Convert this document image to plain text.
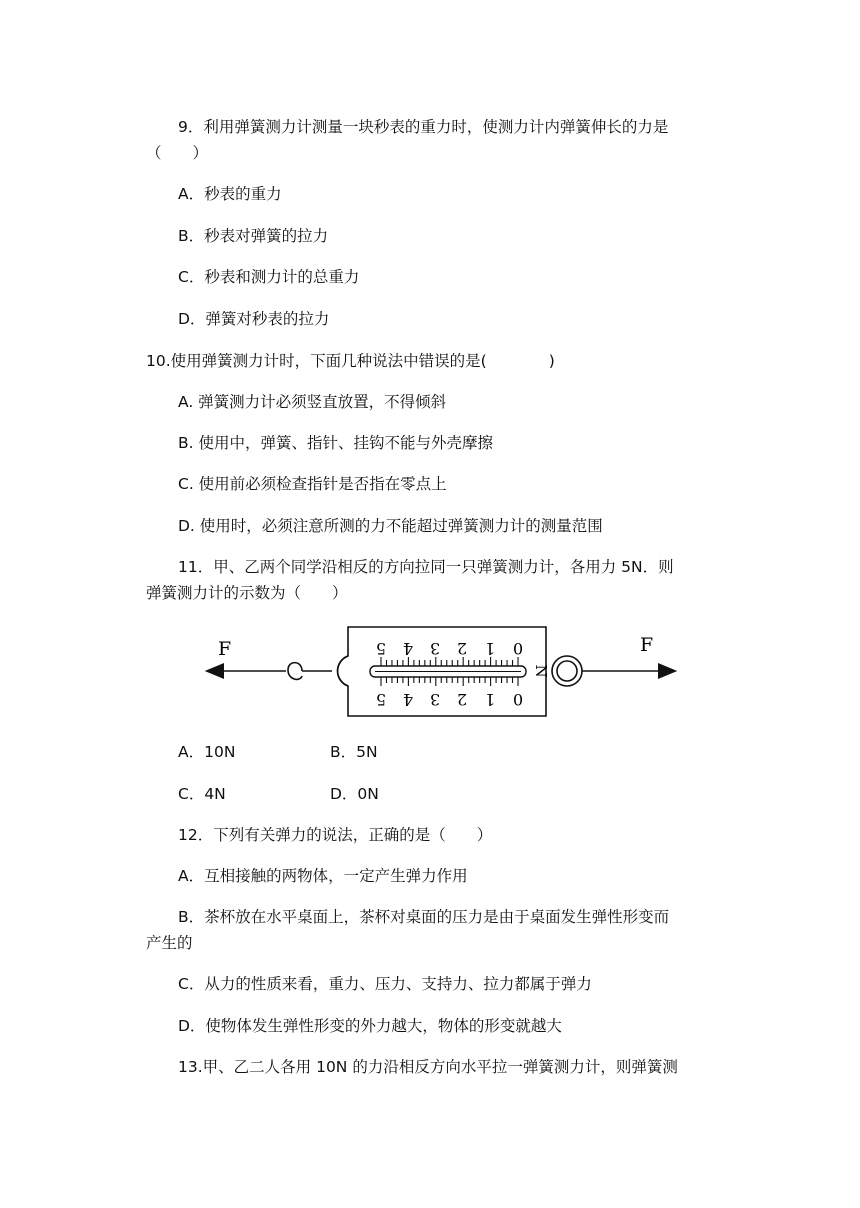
9．利用弹簧测力计测量一块秒表的重力时，使测力计内弹簧伸长的力是
（　　）
A．秒表的重力
B．秒表对弹簧的拉力
C．秒表和测力计的总重力
D．弹簧对秒表的拉力
10.使用弹簧测力计时，下面几种说法中错误的是(　　　　)
A. 弹簧测力计必须竖直放置，不得倾斜
B. 使用中，弹簧、指针、挂钩不能与外壳摩擦
C. 使用前必须检查指针是否指在零点上
D. 使用时，必须注意所测的力不能超过弹簧测力计的测量范围
11．甲、乙两个同学沿相反的方向拉同一只弹簧测力计，各用力 5N．则
弹簧测力计的示数为（　　）
F	5 4 3 2 1 0
5 4 3 2 1 0
N
F
A．10N	B．5N
C．4N	D．0N
12．下列有关弹力的说法，正确的是（　　）
A．互相接触的两物体，一定产生弹力作用
B．茶杯放在水平桌面上，茶杯对桌面的压力是由于桌面发生弹性形变而
产生的
C．从力的性质来看，重力、压力、支持力、拉力都属于弹力
D．使物体发生弹性形变的外力越大，物体的形变就越大
13.甲、乙二人各用 10N 的力沿相反方向水平拉一弹簧测力计，则弹簧测
